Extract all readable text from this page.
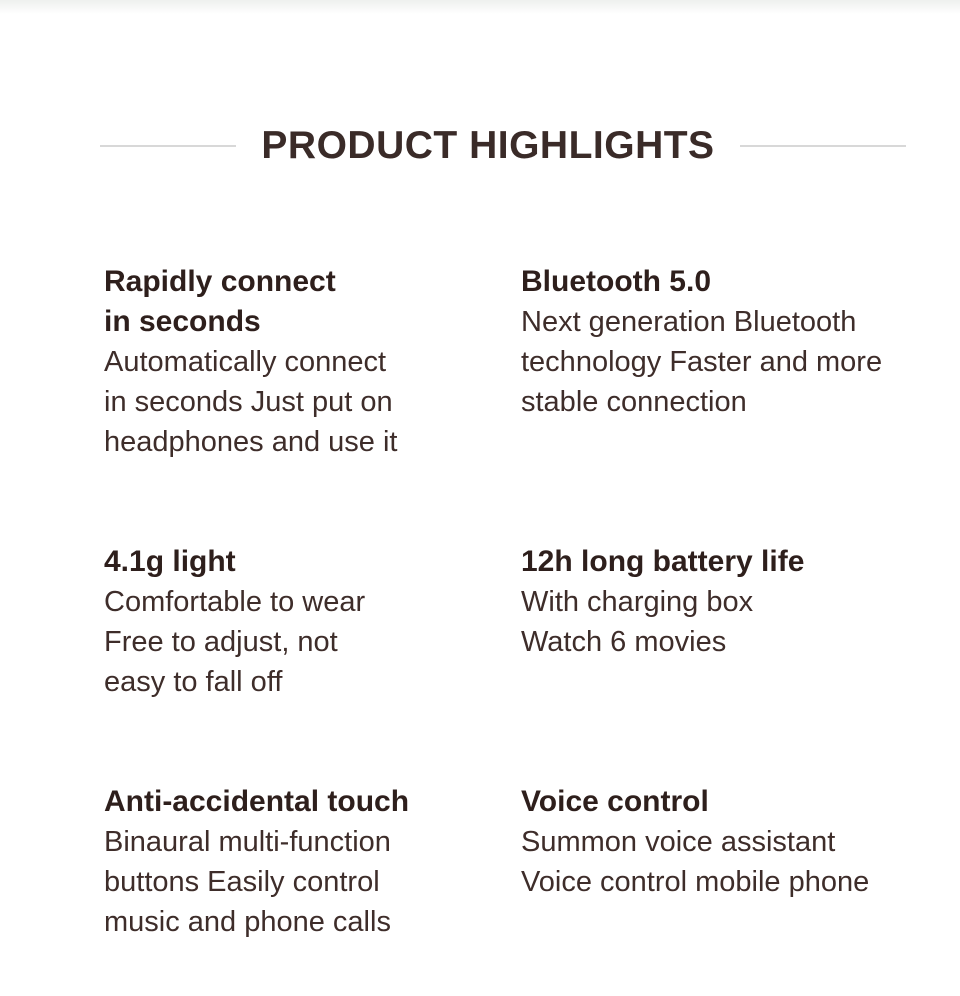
PRODUCT HIGHLIGHTS
Rapidly connect
in seconds
Automatically connect
in seconds Just put on
headphones and use it
Bluetooth 5.0
Next generation Bluetooth
technology Faster and more
stable connection
4.1g light
Comfortable to wear
Free to adjust, not
easy to fall off
12h long battery life
With charging box
Watch 6 movies
Anti-accidental touch
Binaural multi-function
buttons Easily control
music and phone calls
Voice control
Summon voice assistant
Voice control mobile phone
